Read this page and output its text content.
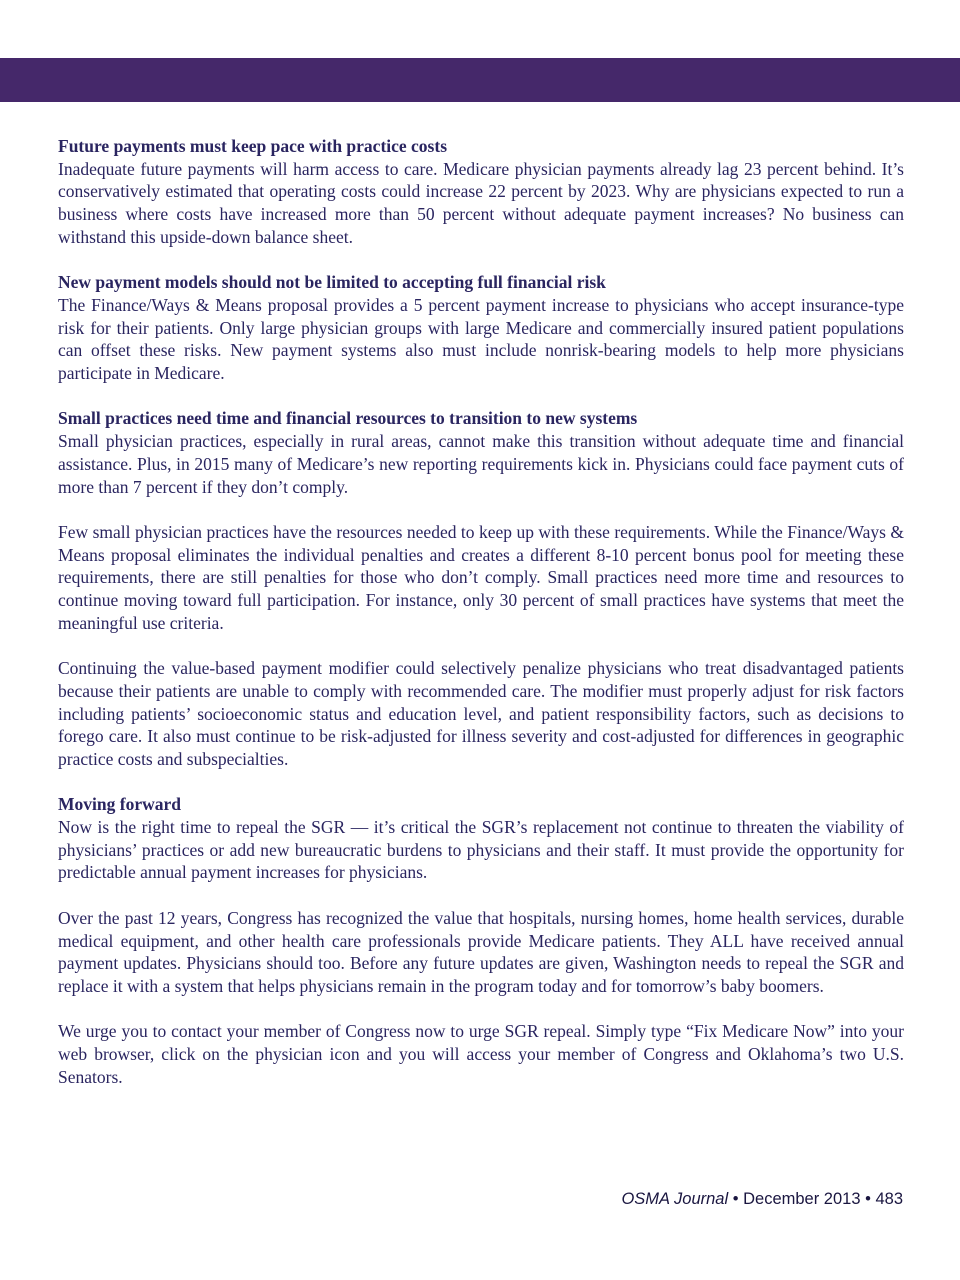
Future payments must keep pace with practice costs

Inadequate future payments will harm access to care. Medicare physician payments already lag 23 percent behind. It’s conservatively estimated that operating costs could increase 22 percent by 2023. Why are physicians expected to run a business where costs have increased more than 50 percent without adequate payment increases? No business can withstand this upside-down balance sheet.

New payment models should not be limited to accepting full financial risk

The Finance/Ways & Means proposal provides a 5 percent payment increase to physicians who accept insurance-type risk for their patients. Only large physician groups with large Medicare and commercially insured patient populations can offset these risks. New payment systems also must include nonrisk-bearing models to help more physicians participate in Medicare.

Small practices need time and financial resources to transition to new systems

Small physician practices, especially in rural areas, cannot make this transition without adequate time and financial assistance. Plus, in 2015 many of Medicare’s new reporting requirements kick in. Physicians could face payment cuts of more than 7 percent if they don’t comply.

Few small physician practices have the resources needed to keep up with these requirements. While the Finance/Ways & Means proposal eliminates the individual penalties and creates a different 8-10 percent bonus pool for meeting these requirements, there are still penalties for those who don’t comply. Small practices need more time and resources to continue moving toward full participation. For instance, only 30 percent of small practices have systems that meet the meaningful use criteria.

Continuing the value-based payment modifier could selectively penalize physicians who treat disadvantaged patients because their patients are unable to comply with recommended care. The modifier must properly adjust for risk factors including patients’ socioeconomic status and education level, and patient responsibility factors, such as decisions to forego care. It also must continue to be risk-adjusted for illness severity and cost-adjusted for differences in geographic practice costs and subspecialties.

Moving forward

Now is the right time to repeal the SGR — it’s critical the SGR’s replacement not continue to threaten the viability of physicians’ practices or add new bureaucratic burdens to physicians and their staff. It must provide the opportunity for predictable annual payment increases for physicians.

Over the past 12 years, Congress has recognized the value that hospitals, nursing homes, home health services, durable medical equipment, and other health care professionals provide Medicare patients. They ALL have received annual payment updates. Physicians should too. Before any future updates are given, Washington needs to repeal the SGR and replace it with a system that helps physicians remain in the program today and for tomorrow’s baby boomers.

We urge you to contact your member of Congress now to urge SGR repeal. Simply type “Fix Medicare Now” into your web browser, click on the physician icon and you will access your member of Congress and Oklahoma’s two U.S. Senators.

OSMA Journal • December 2013 • 483
